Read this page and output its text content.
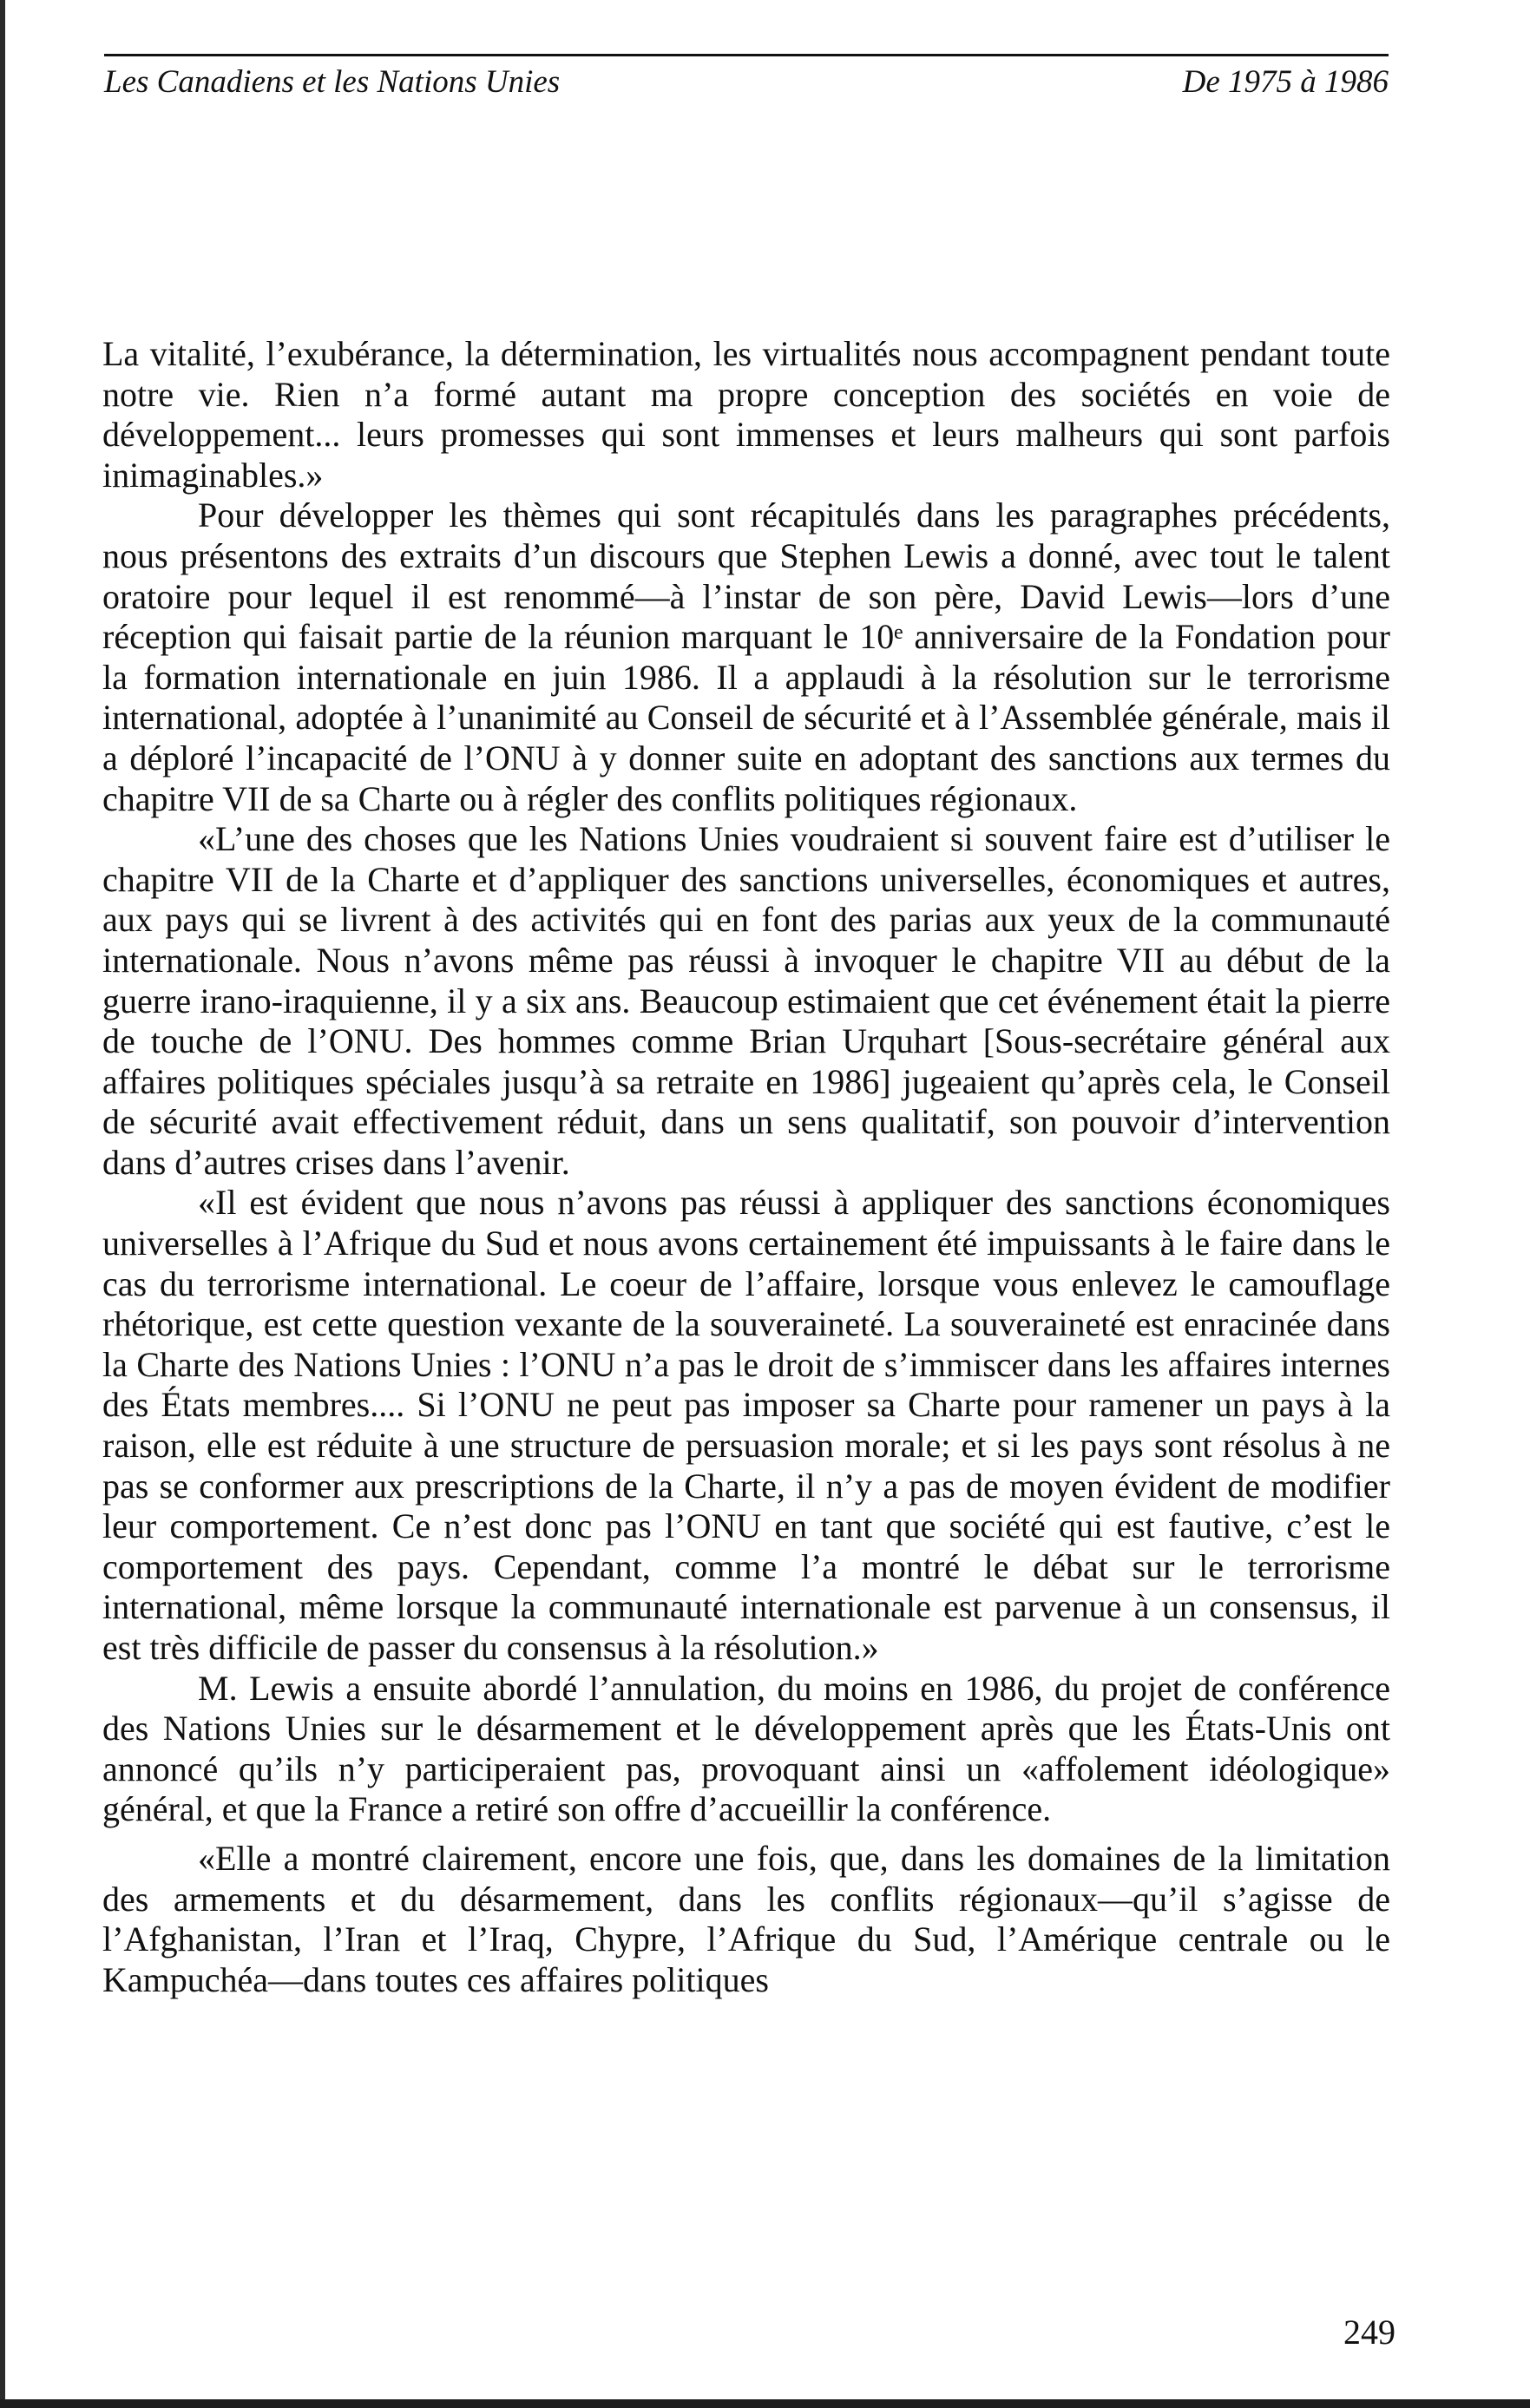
Les Canadiens et les Nations Unies	De 1975 à 1986

La vitalité, l’exubérance, la détermination, les virtualités nous accompagnent pendant toute notre vie. Rien n’a formé autant ma propre conception des sociétés en voie de développement... leurs promesses qui sont immenses et leurs malheurs qui sont parfois inimaginables.»

Pour développer les thèmes qui sont récapitulés dans les paragraphes précédents, nous présentons des extraits d’un discours que Stephen Lewis a donné, avec tout le talent oratoire pour lequel il est renommé—à l’instar de son père, David Lewis—lors d’une réception qui faisait partie de la réunion marquant le 10ᵉ anniversaire de la Fondation pour la formation internationale en juin 1986. Il a applaudi à la résolution sur le terrorisme international, adoptée à l’unanimité au Conseil de sécurité et à l’Assemblée générale, mais il a déploré l’incapacité de l’ONU à y donner suite en adoptant des sanctions aux termes du chapitre VII de sa Charte ou à régler des conflits politiques régionaux.

«L’une des choses que les Nations Unies voudraient si souvent faire est d’utiliser le chapitre VII de la Charte et d’appliquer des sanctions universelles, économiques et autres, aux pays qui se livrent à des activités qui en font des parias aux yeux de la communauté internationale. Nous n’avons même pas réussi à invoquer le chapitre VII au début de la guerre irano-iraquienne, il y a six ans. Beaucoup estimaient que cet événement était la pierre de touche de l’ONU. Des hommes comme Brian Urquhart [Sous-secrétaire général aux affaires politiques spéciales jusqu’à sa retraite en 1986] jugeaient qu’après cela, le Conseil de sécurité avait effectivement réduit, dans un sens qualitatif, son pouvoir d’intervention dans d’autres crises dans l’avenir.

«Il est évident que nous n’avons pas réussi à appliquer des sanctions économiques universelles à l’Afrique du Sud et nous avons certainement été impuissants à le faire dans le cas du terrorisme international. Le coeur de l’affaire, lorsque vous enlevez le camouflage rhétorique, est cette question vexante de la souveraineté. La souveraineté est enracinée dans la Charte des Nations Unies : l’ONU n’a pas le droit de s’immiscer dans les affaires internes des États membres.... Si l’ONU ne peut pas imposer sa Charte pour ramener un pays à la raison, elle est réduite à une structure de persuasion morale; et si les pays sont résolus à ne pas se conformer aux prescriptions de la Charte, il n’y a pas de moyen évident de modifier leur comportement. Ce n’est donc pas l’ONU en tant que société qui est fautive, c’est le comportement des pays. Cependant, comme l’a montré le débat sur le terrorisme international, même lorsque la communauté internationale est parvenue à un consensus, il est très difficile de passer du consensus à la résolution.»

M. Lewis a ensuite abordé l’annulation, du moins en 1986, du projet de conférence des Nations Unies sur le désarmement et le développement après que les États-Unis ont annoncé qu’ils n’y participeraient pas, provoquant ainsi un «affolement idéologique» général, et que la France a retiré son offre d’accueillir la conférence.

«Elle a montré clairement, encore une fois, que, dans les domaines de la limitation des armements et du désarmement, dans les conflits régionaux—qu’il s’agisse de l’Afghanistan, l’Iran et l’Iraq, Chypre, l’Afrique du Sud, l’Amérique centrale ou le Kampuchéa—dans toutes ces affaires politiques

249
